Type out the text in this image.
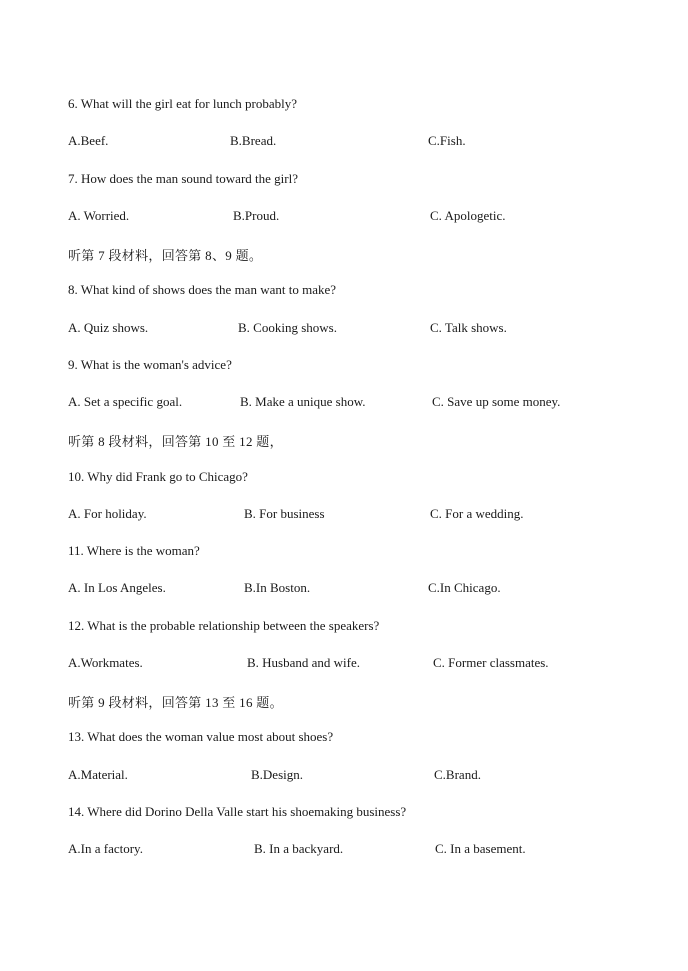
6. What will the girl eat for lunch probably?
A.Beef.	B.Bread.	C.Fish.
7. How does the man sound toward the girl?
A. Worried.	B.Proud.	C. Apologetic.
听第 7 段材料，回答第 8、9 题。
8. What kind of shows does the man want to make?
A. Quiz shows.	B. Cooking shows.	C. Talk shows.
9. What is the woman's advice?
A. Set a specific goal.	B. Make a unique show.	C. Save up some money.
听第 8 段材料，回答第 10 至 12 题，
10. Why did Frank go to Chicago?
A. For holiday.	B. For business	C. For a wedding.
11. Where is the woman?
A. In Los Angeles.	B.In Boston.	C.In Chicago.
12. What is the probable relationship between the speakers?
A.Workmates.	B. Husband and wife.	C. Former classmates.
听第 9 段材料，回答第 13 至 16 题。
13. What does the woman value most about shoes?
A.Material.	B.Design.	C.Brand.
14. Where did Dorino Della Valle start his shoemaking business?
A.In a factory.	B. In a backyard.	C. In a basement.
